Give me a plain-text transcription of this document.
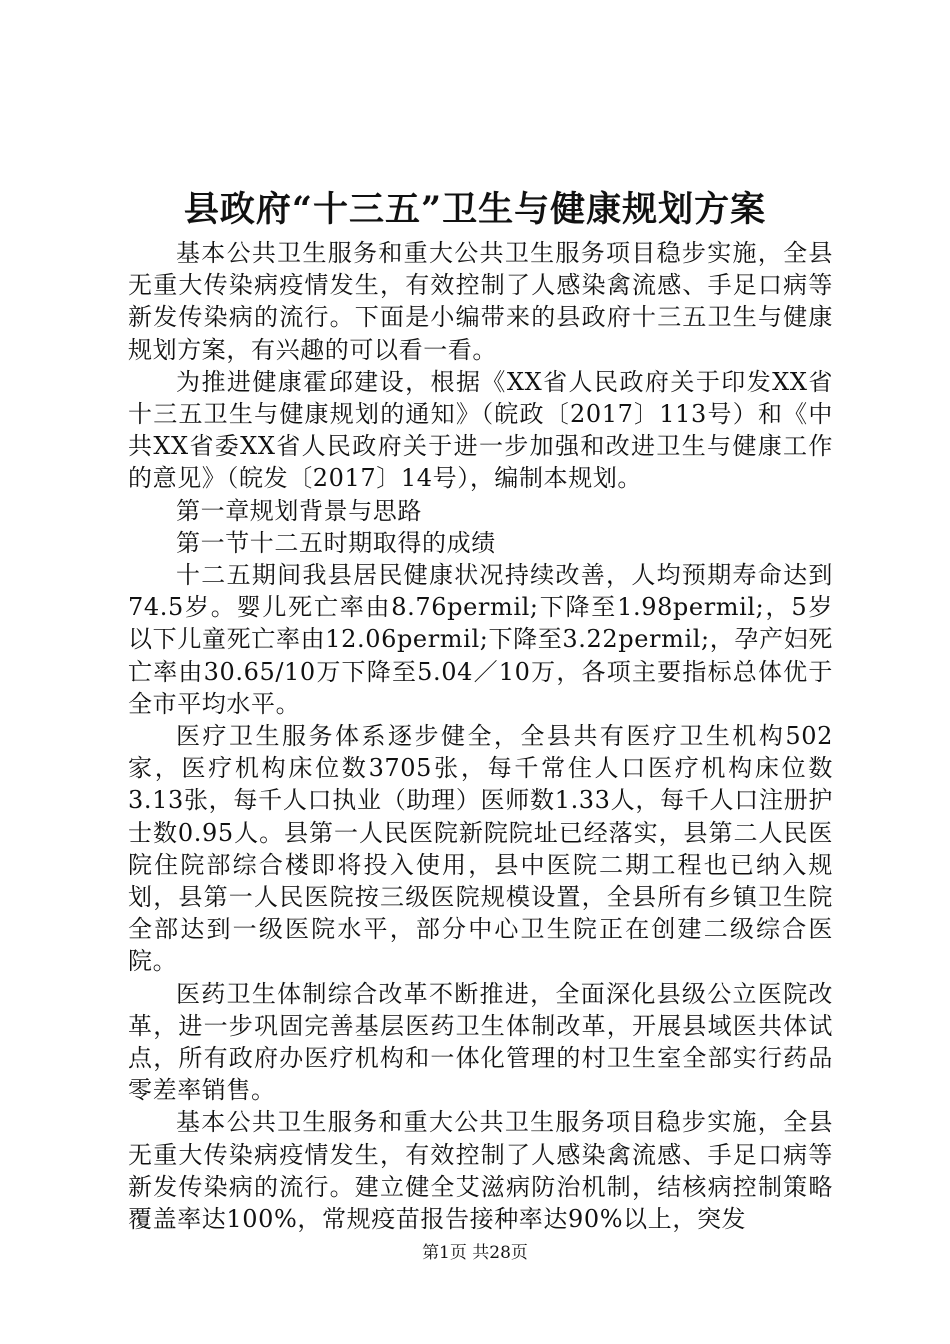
县政府“十三五”卫生与健康规划方案

基本公共卫生服务和重大公共卫生服务项目稳步实施，全县无重大传染病疫情发生，有效控制了人感染禽流感、手足口病等新发传染病的流行。下面是小编带来的县政府十三五卫生与健康规划方案，有兴趣的可以看一看。

为推进健康霍邱建设，根据《XX省人民政府关于印发XX省十三五卫生与健康规划的通知》（皖政〔2017〕113号）和《中共XX省委XX省人民政府关于进一步加强和改进卫生与健康工作的意见》（皖发〔2017〕14号），编制本规划。

第一章规划背景与思路

第一节十二五时期取得的成绩

十二五期间我县居民健康状况持续改善，人均预期寿命达到74.5岁。婴儿死亡率由8.76permil;下降至1.98permil;，5岁以下儿童死亡率由12.06permil;下降至3.22permil;，孕产妇死亡率由30.65/10万下降至5.04／10万，各项主要指标总体优于全市平均水平。

医疗卫生服务体系逐步健全，全县共有医疗卫生机构502家，医疗机构床位数3705张，每千常住人口医疗机构床位数3.13张，每千人口执业（助理）医师数1.33人，每千人口注册护士数0.95人。县第一人民医院新院院址已经落实，县第二人民医院住院部综合楼即将投入使用，县中医院二期工程也已纳入规划，县第一人民医院按三级医院规模设置，全县所有乡镇卫生院全部达到一级医院水平，部分中心卫生院正在创建二级综合医院。

医药卫生体制综合改革不断推进，全面深化县级公立医院改革，进一步巩固完善基层医药卫生体制改革，开展县域医共体试点，所有政府办医疗机构和一体化管理的村卫生室全部实行药品零差率销售。

基本公共卫生服务和重大公共卫生服务项目稳步实施，全县无重大传染病疫情发生，有效控制了人感染禽流感、手足口病等新发传染病的流行。建立健全艾滋病防治机制，结核病控制策略覆盖率达100%，常规疫苗报告接种率达90%以上，突发

第1页 共28页
